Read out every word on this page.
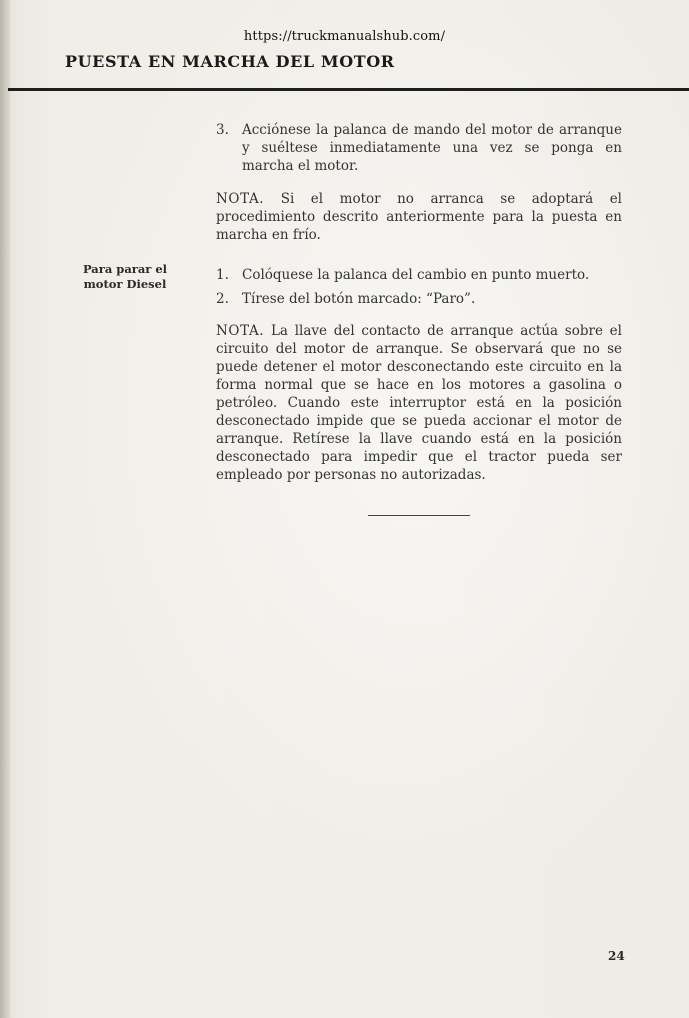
https://truckmanualshub.com/
PUESTA EN MARCHA DEL MOTOR
Para parar el motor Diesel

3. Acciónese la palanca de mando del motor de arranque y suéltese inmediatamente una vez se ponga en marcha el motor.

NOTA. Si el motor no arranca se adoptará el procedimiento descrito anteriormente para la puesta en marcha en frío.

1. Colóquese la palanca del cambio en punto muerto.

2. Tírese del botón marcado: “Paro”.

NOTA. La llave del contacto de arranque actúa sobre el circuito del motor de arranque. Se observará que no se puede detener el motor desconectando este circuito en la forma normal que se hace en los motores a gasolina o petróleo. Cuando este interruptor está en la posición desconectado impide que se pueda accionar el motor de arranque. Retírese la llave cuando está en la posición desconectado para impedir que el tractor pueda ser empleado por personas no autorizadas.

24
